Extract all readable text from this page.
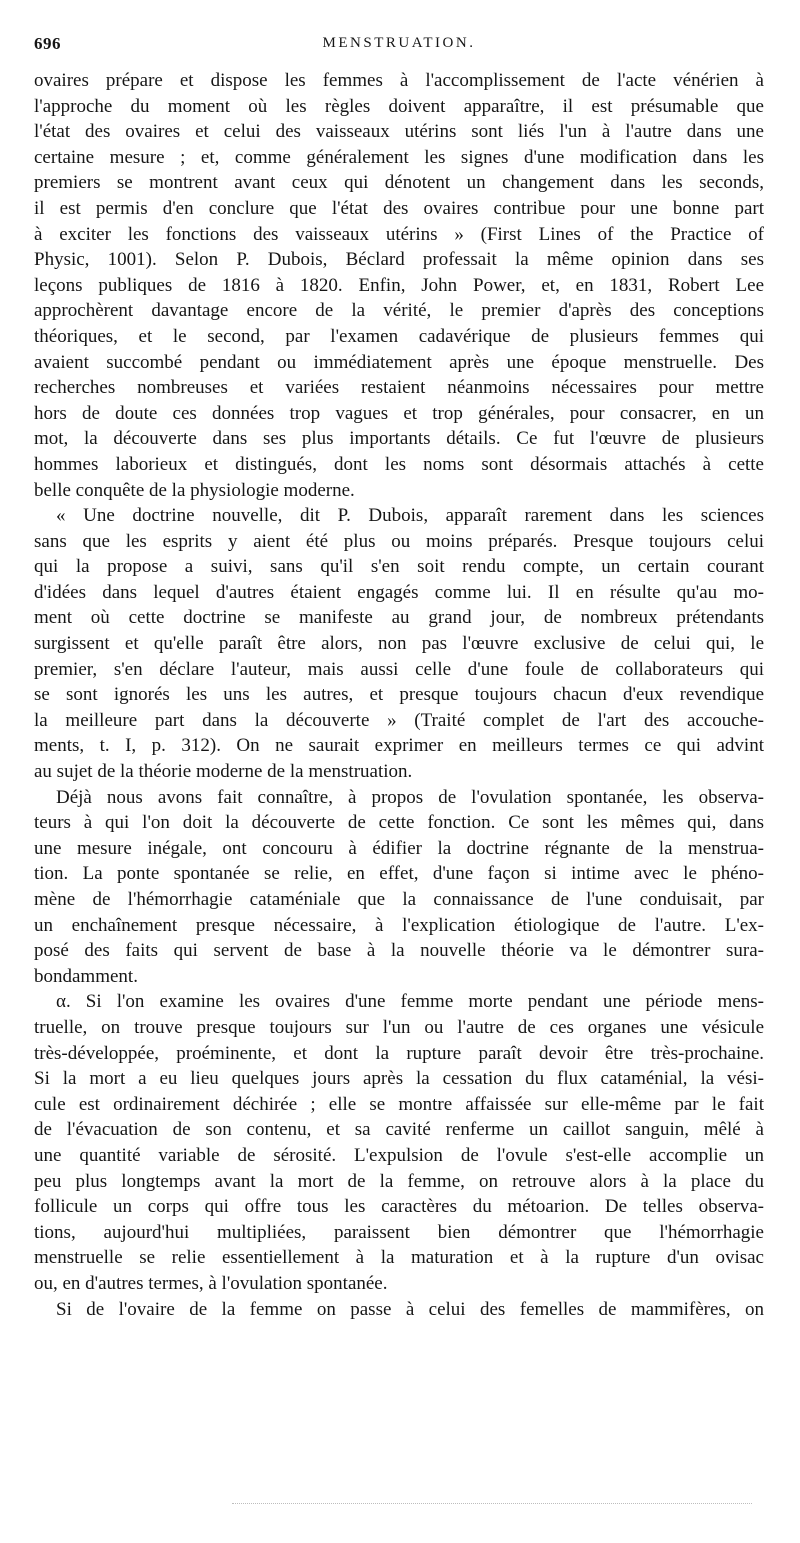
696	MENSTRUATION.
ovaires prépare et dispose les femmes à l'accomplissement de l'acte vénérien à
l'approche du moment où les règles doivent apparaître, il est présumable que
l'état des ovaires et celui des vaisseaux utérins sont liés l'un à l'autre dans une
certaine mesure ; et, comme généralement les signes d'une modification dans les
premiers se montrent avant ceux qui dénotent un changement dans les seconds,
il est permis d'en conclure que l'état des ovaires contribue pour une bonne part
à exciter les fonctions des vaisseaux utérins » (First Lines of the Practice of
Physic, 1001). Selon P. Dubois, Béclard professait la même opinion dans ses
leçons publiques de 1816 à 1820. Enfin, John Power, et, en 1831, Robert Lee
approchèrent davantage encore de la vérité, le premier d'après des conceptions
théoriques, et le second, par l'examen cadavérique de plusieurs femmes qui
avaient succombé pendant ou immédiatement après une époque menstruelle. Des
recherches nombreuses et variées restaient néanmoins nécessaires pour mettre
hors de doute ces données trop vagues et trop générales, pour consacrer, en un
mot, la découverte dans ses plus importants détails. Ce fut l'œuvre de plusieurs
hommes laborieux et distingués, dont les noms sont désormais attachés à cette
belle conquête de la physiologie moderne.
« Une doctrine nouvelle, dit P. Dubois, apparaît rarement dans les sciences
sans que les esprits y aient été plus ou moins préparés. Presque toujours celui
qui la propose a suivi, sans qu'il s'en soit rendu compte, un certain courant
d'idées dans lequel d'autres étaient engagés comme lui. Il en résulte qu'au mo-
ment où cette doctrine se manifeste au grand jour, de nombreux prétendants
surgissent et qu'elle paraît être alors, non pas l'œuvre exclusive de celui qui, le
premier, s'en déclare l'auteur, mais aussi celle d'une foule de collaborateurs qui
se sont ignorés les uns les autres, et presque toujours chacun d'eux revendique
la meilleure part dans la découverte » (Traité complet de l'art des accouche-
ments, t. I, p. 312). On ne saurait exprimer en meilleurs termes ce qui advint
au sujet de la théorie moderne de la menstruation.
Déjà nous avons fait connaître, à propos de l'ovulation spontanée, les observa-
teurs à qui l'on doit la découverte de cette fonction. Ce sont les mêmes qui, dans
une mesure inégale, ont concouru à édifier la doctrine régnante de la menstrua-
tion. La ponte spontanée se relie, en effet, d'une façon si intime avec le phéno-
mène de l'hémorrhagie cataméniale que la connaissance de l'une conduisait, par
un enchaînement presque nécessaire, à l'explication étiologique de l'autre. L'ex-
posé des faits qui servent de base à la nouvelle théorie va le démontrer sura-
bondamment.
α. Si l'on examine les ovaires d'une femme morte pendant une période mens-
truelle, on trouve presque toujours sur l'un ou l'autre de ces organes une vésicule
très-développée, proéminente, et dont la rupture paraît devoir être très-prochaine.
Si la mort a eu lieu quelques jours après la cessation du flux cataménial, la vési-
cule est ordinairement déchirée ; elle se montre affaissée sur elle-même par le fait
de l'évacuation de son contenu, et sa cavité renferme un caillot sanguin, mêlé à
une quantité variable de sérosité. L'expulsion de l'ovule s'est-elle accomplie un
peu plus longtemps avant la mort de la femme, on retrouve alors à la place du
follicule un corps qui offre tous les caractères du métoarion. De telles observa-
tions, aujourd'hui multipliées, paraissent bien démontrer que l'hémorrhagie
menstruelle se relie essentiellement à la maturation et à la rupture d'un ovisac
ou, en d'autres termes, à l'ovulation spontanée.
Si de l'ovaire de la femme on passe à celui des femelles de mammifères, on
